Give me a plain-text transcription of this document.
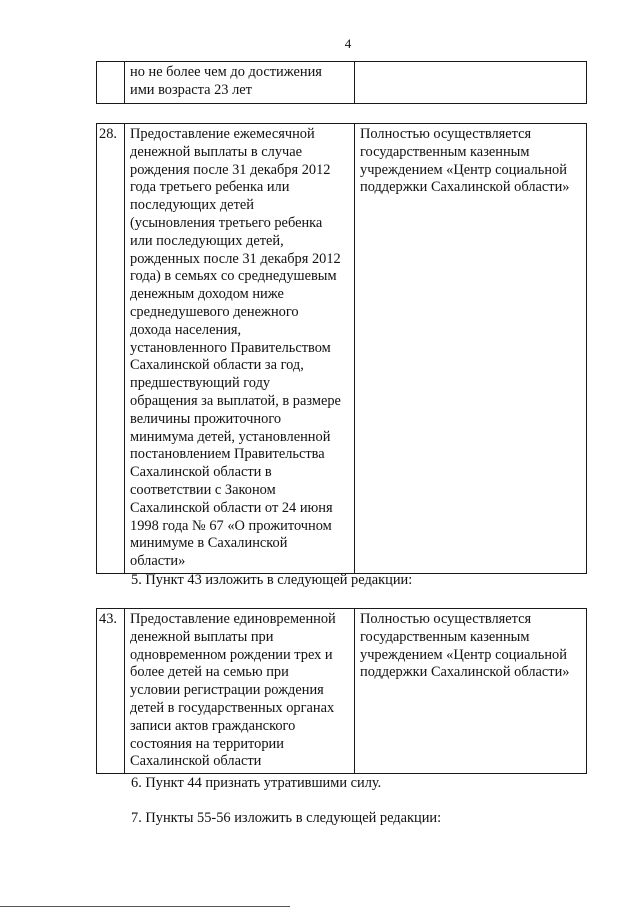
4
	но не более чем до достижения
ими возраста 23 лет	
28.	Предоставление ежемесячной
денежной выплаты в случае
рождения после 31 декабря 2012
года третьего ребенка или
последующих детей
(усыновления третьего ребенка
или последующих детей,
рожденных после 31 декабря 2012
года) в семьях со среднедушевым
денежным доходом ниже
среднедушевого денежного
дохода населения,
установленного Правительством
Сахалинской области за год,
предшествующий году
обращения за выплатой, в размере
величины прожиточного
минимума детей, установленной
постановлением Правительства
Сахалинской области в
соответствии с Законом
Сахалинской области от 24 июня
1998 года № 67 «О прожиточном
минимуме в Сахалинской
области»	Полностью осуществляется
государственным казенным
учреждением «Центр социальной
поддержки Сахалинской области»
5. Пункт 43 изложить в следующей редакции:
43.	Предоставление единовременной
денежной выплаты при
одновременном рождении трех и
более детей на семью при
условии регистрации рождения
детей в государственных органах
записи актов гражданского
состояния на территории
Сахалинской области	Полностью осуществляется
государственным казенным
учреждением «Центр социальной
поддержки Сахалинской области»
6. Пункт 44 признать утратившими силу.
7. Пункты 55-56 изложить в следующей редакции:
